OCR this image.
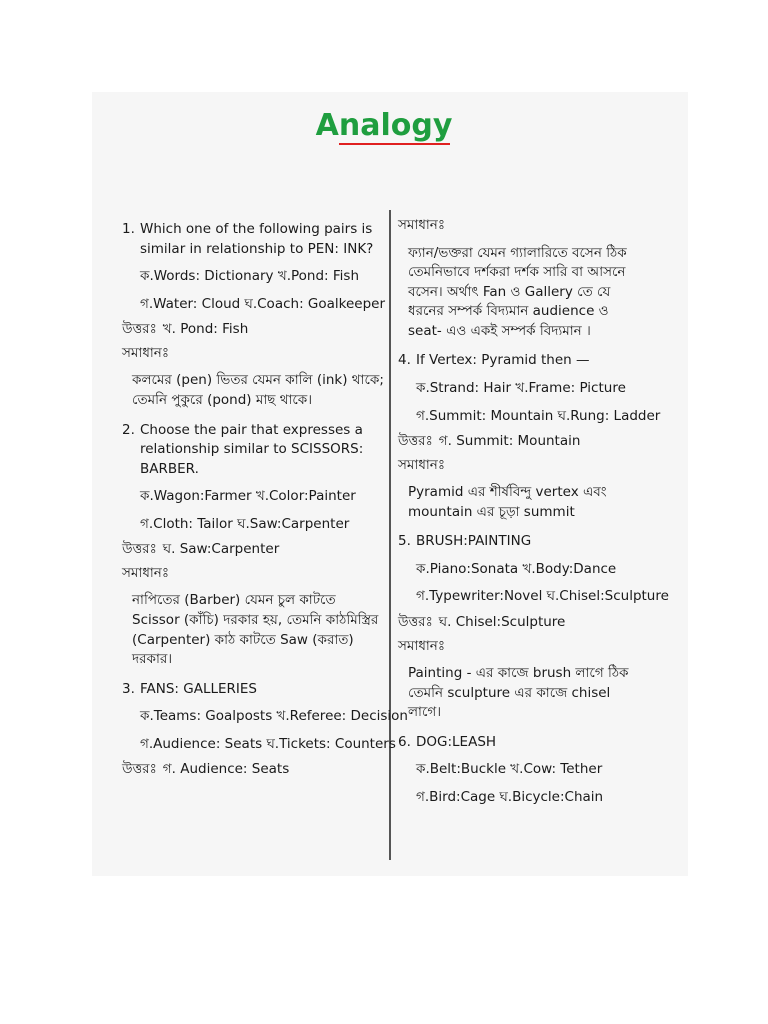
Analogy
1. Which one of the following pairs is similar in relationship to PEN: INK?
ক.Words: Dictionary খ.Pond: Fish
গ.Water: Cloud ঘ.Coach: Goalkeeper
উত্তরঃ খ. Pond: Fish
সমাধানঃ
কলমের (pen) ভিতর যেমন কালি (ink) থাকে; তেমনি পুকুরে (pond) মাছ থাকে।
2. Choose the pair that expresses a relationship similar to SCISSORS: BARBER.
ক.Wagon:Farmer খ.Color:Painter
গ.Cloth: Tailor ঘ.Saw:Carpenter
উত্তরঃ ঘ. Saw:Carpenter
সমাধানঃ
নাপিতের (Barber) যেমন চুল কাটতে Scissor (কাঁচি) দরকার হয়, তেমনি কাঠমিস্ত্রির (Carpenter) কাঠ কাটতে Saw (করাত) দরকার।
3. FANS: GALLERIES
ক.Teams: Goalposts খ.Referee: Decision
গ.Audience: Seats ঘ.Tickets: Counters
উত্তরঃ গ. Audience: Seats
সমাধানঃ
ফ্যান/ভক্তরা যেমন গ্যালারিতে বসেন ঠিক তেমনিভাবে দর্শকরা দর্শক সারি বা আসনে বসেন। অর্থাৎ Fan ও Gallery তে যে ধরনের সম্পর্ক বিদ্যমান audience ও seat- এও একই সম্পর্ক বিদ্যমান ।
4. If Vertex: Pyramid then —
ক.Strand: Hair খ.Frame: Picture
গ.Summit: Mountain ঘ.Rung: Ladder
উত্তরঃ গ. Summit: Mountain
সমাধানঃ
Pyramid এর শীর্ষবিন্দু vertex এবং mountain এর চূড়া summit
5. BRUSH:PAINTING
ক.Piano:Sonata খ.Body:Dance
গ.Typewriter:Novel ঘ.Chisel:Sculpture
উত্তরঃ ঘ. Chisel:Sculpture
সমাধানঃ
Painting - এর কাজে brush লাগে ঠিক তেমনি sculpture এর কাজে chisel লাগে।
6. DOG:LEASH
ক.Belt:Buckle খ.Cow: Tether
গ.Bird:Cage ঘ.Bicycle:Chain
